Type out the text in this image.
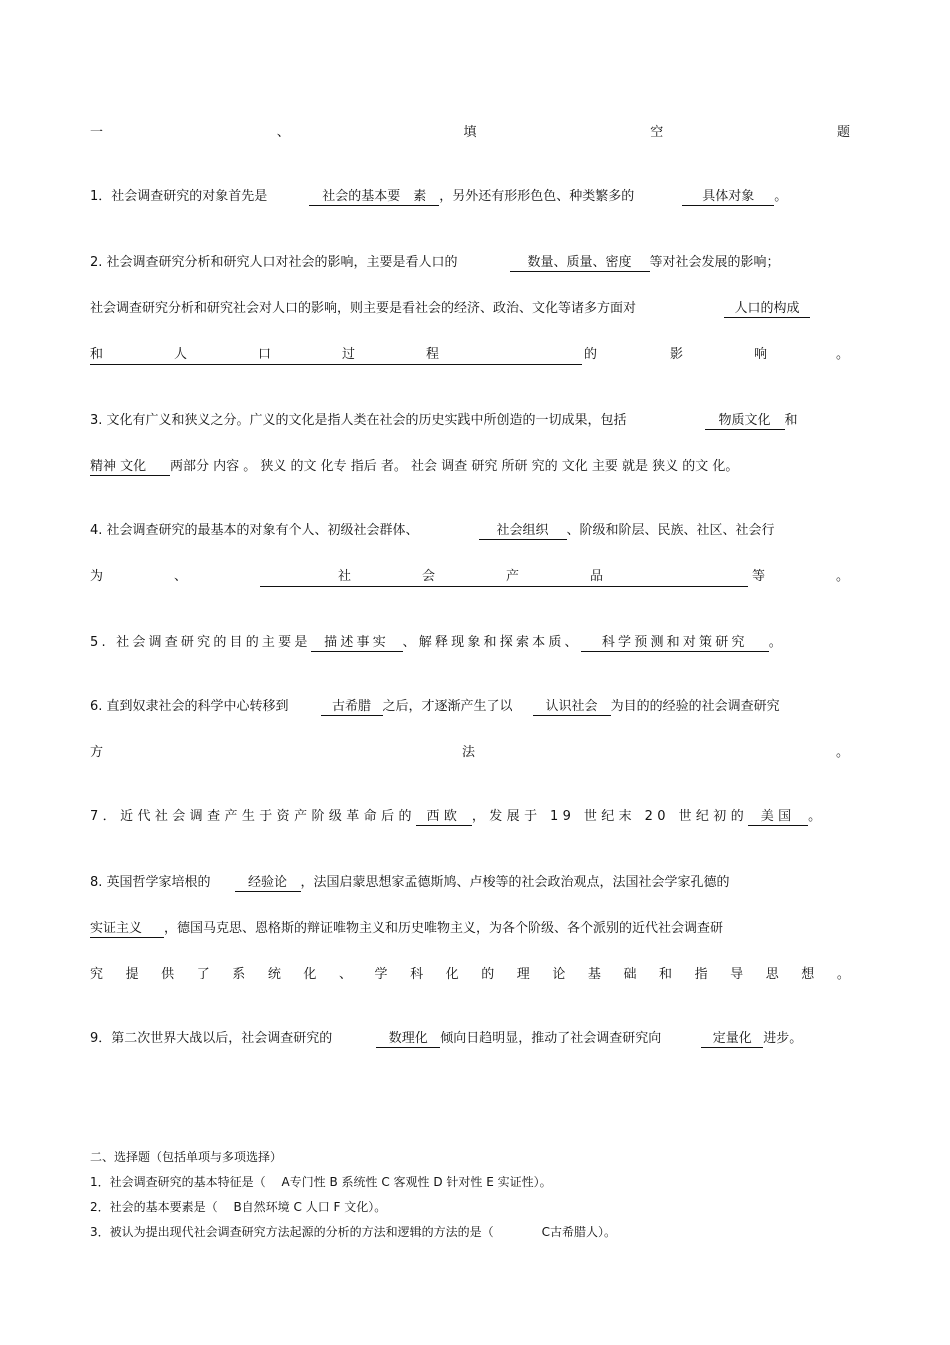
一	、	填	空	题
1．社会调查研究的对象首先是	社会的基本要　素 ，另外还有形形色色、种类繁多的	具体对象 。
2. 社会调查研究分析和研究人口对社会的影响，主要是看人口的	数量、质量、密度 等对社会发展的影响；
社会调查研究分析和研究社会对人口的影响，则主要是看社会的经济、政治、文化等诸多方面对	人口的构成
和	人	口	过	程	的	影	响	。
3. 文化有广义和狭义之分。广义的文化是指人类在社会的历史实践中所创造的一切成果，包括	物质文化 和
精神 文化 两部分 内容 。 狭义 的文 化专 指后 者。 社会 调查 研究 所研 究的 文化 主要 就是 狭义 的文 化。
4. 社会调查研究的最基本的对象有个人、初级社会群体、	社会组织 、阶级和阶层、民族、社区、社会行
为	、	社	会	产	品	等	。
5. 社会调查研究的目的主要是 描述事实 、解释现象和探索本质、 科学预测和对策研究 。
6. 直到奴隶社会的科学中心转移到	古希腊 之后，才逐渐产生了以	认识社会 为目的的经验的社会调查研究
方	法	。
7．近代社会调查产生于资产阶级革命后的 西欧 ，发展于 19 世纪末 20 世纪初的 美国 。
8. 英国哲学家培根的	经验论 ，法国启蒙思想家孟德斯鸠、卢梭等的社会政治观点，法国社会学家孔德的
实证主义 ，德国马克思、恩格斯的辩证唯物主义和历史唯物主义，为各个阶级、各个派别的近代社会调查研
究 提 供 了 系 统 化 、 学 科 化 的 理 论 基 础 和 指 导 思 想 。
9．第二次世界大战以后，社会调查研究的	数理化 倾向日趋明显，推动了社会调查研究向	定量化 进步。
二、选择题（包括单项与多项选择）
1．社会调查研究的基本特征是（　 A专门性 B 系统性 C 客观性 D 针对性 E 实证性）。
2．社会的基本要素是（　 B自然环境 C 人口 F 文化）。
3．被认为提出现代社会调查研究方法起源的分析的方法和逻辑的方法的是（　　　　C古希腊人）。
